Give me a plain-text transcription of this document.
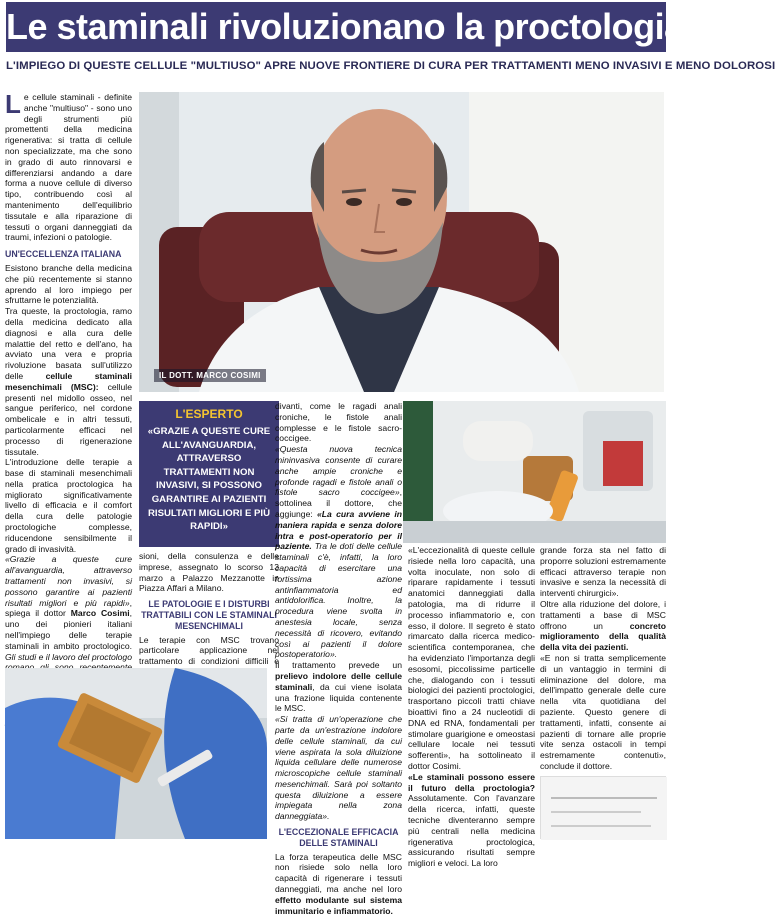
Le staminali rivoluzionano la proctologia
L'IMPIEGO DI QUESTE CELLULE "MULTIUSO" APRE NUOVE FRONTIERE DI CURA PER TRATTAMENTI MENO INVASIVI E MENO DOLOROSI

Le cellule staminali - definite anche "multiuso" - sono uno degli strumenti più promettenti della medicina rigenerativa: si tratta di cellule non specializzate, ma che sono in grado di auto rinnovarsi e differenziarsi andando a dare forma a nuove cellule di diverso tipo, contribuendo così al mantenimento dell'equilibrio tissutale e alla riparazione di tessuti o organi danneggiati da traumi, infezioni o patologie.

UN'ECCELLENZA ITALIANA

Esistono branche della medicina che più recentemente si stanno aprendo al loro impiego per sfruttarne le potenzialità.

Tra queste, la proctologia, ramo della medicina dedicato alla diagnosi e alla cura delle malattie del retto e dell'ano, ha avviato una vera e propria rivoluzione basata sull'utilizzo delle cellule staminali mesenchimali (MSC): cellule presenti nel midollo osseo, nel sangue periferico, nel cordone ombelicale e in altri tessuti, particolarmente efficaci nel processo di rigenerazione tissutale.

L'introduzione delle terapie a base di staminali mesenchimali nella pratica proctologica ha migliorato significativamente livello di efficacia e il comfort della cura delle patologie proctologiche complesse, riducendone sensibilmente il grado di invasività.

«Grazie a queste cure all'avanguardia, attraverso trattamenti non invasivi, si possono garantire ai pazienti risultati migliori e più rapidi», spiega il dottor Marco Cosimi, uno dei pionieri italiani nell'impiego delle terapie staminali in ambito proctologico. Gli studi e il lavoro del proctologo

IL DOTT. MARCO COSIMI
L'ESPERTO
«GRAZIE A QUESTE CURE ALL'AVANGUARDIA, ATTRAVERSO TRATTAMENTI NON INVASIVI, SI POSSONO GARANTIRE AI PAZIENTI RISULTATI MIGLIORI E PIÙ RAPIDI»

sioni, della consulenza e delle imprese, assegnato lo scorso 13 marzo a Palazzo Mezzanotte in Piazza Affari a Milano.

LE PATOLOGIE E I DISTURBI TRATTABILI CON LE STAMINALI MESENCHIMALI

Le terapie con MSC trovano particolare applicazione nel trattamento di condizioni difficili e

divanti, come le ragadi anali croniche, le fistole anali complesse e le fistole sacro-coccigee.

«Questa nuova tecnica mininvasiva consente di curare anche ampie croniche e profonde ragadi e fistole anali o fistole sacro coccigee», sottolinea il dottore, che aggiunge: «La cura avviene in maniera rapida e senza dolore intra e post-operatorio per il paziente. Tra le doti delle cellule staminali c'è, infatti, la loro capacità di esercitare una fortissima azione antinfiammatoria ed antidolorifica. Inoltre, la procedura viene svolta in anestesia locale, senza necessità di ricovero, evitando così ai pazienti il dolore postoperatorio».

Il trattamento prevede un prelievo indolore delle cellule staminali, da cui viene isolata una frazione liquida contenente le MSC.

«Si tratta di un'operazione che parte da un'estrazione indolore delle cellule staminali, da cui viene aspirata la sola diluizione liquida cellulare delle numerose microscopiche cellule staminali mesenchimali. Sarà poi soltanto questa diluizione a essere impiegata nella zona danneggiata».

L'ECCEZIONALE EFFICACIA DELLE STAMINALI

La forza terapeutica delle MSC non risiede solo nella loro capacità di rigenerare i tessuti danneggiati, ma anche nel loro effetto modulante sul sistema immunitario e infiammatorio.

«L'eccezionalità di queste cellule risiede nella loro capacità, una volta inoculate, non solo di riparare rapidamente i tessuti anatomici danneggiati dalla patologia, ma di ridurre il processo infiammatorio e, con esso, il dolore. Il segreto è stato rimarcato dalla ricerca medico-scientifica contemporanea, che ha evidenziato l'importanza degli esosomi, piccolissime particelle che, dialogando con i tessuti biologici dei pazienti proctologici, trasportano piccoli tratti chiave bioattivi fino a 24 nucleotidi di DNA ed RNA, fondamentali per stimolare guarigione e omeostasi cellulare locale nei tessuti sofferenti», ha sottolineato il dottor Cosimi.

«Le staminali possono essere il futuro della proctologia? Assolutamente. Con l'avanzare della ricerca, infatti, queste tecniche diventeranno sempre più centrali nella medicina rigenerativa proctologica, assicurando risultati sempre migliori e veloci. La loro

grande forza sta nel fatto di proporre soluzioni estremamente efficaci attraverso terapie non invasive e senza la necessità di interventi chirurgici».

Oltre alla riduzione del dolore, i trattamenti a base di MSC offrono un concreto miglioramento della qualità della vita dei pazienti.

«E non si tratta semplicemente di un vantaggio in termini di eliminazione del dolore, ma dell'impatto generale delle cure nella vita quotidiana del paziente. Questo genere di trattamenti, infatti, consente ai pazienti di tornare alle proprie vite senza ostacoli in tempi estremamente contenuti», conclude il dottore.
